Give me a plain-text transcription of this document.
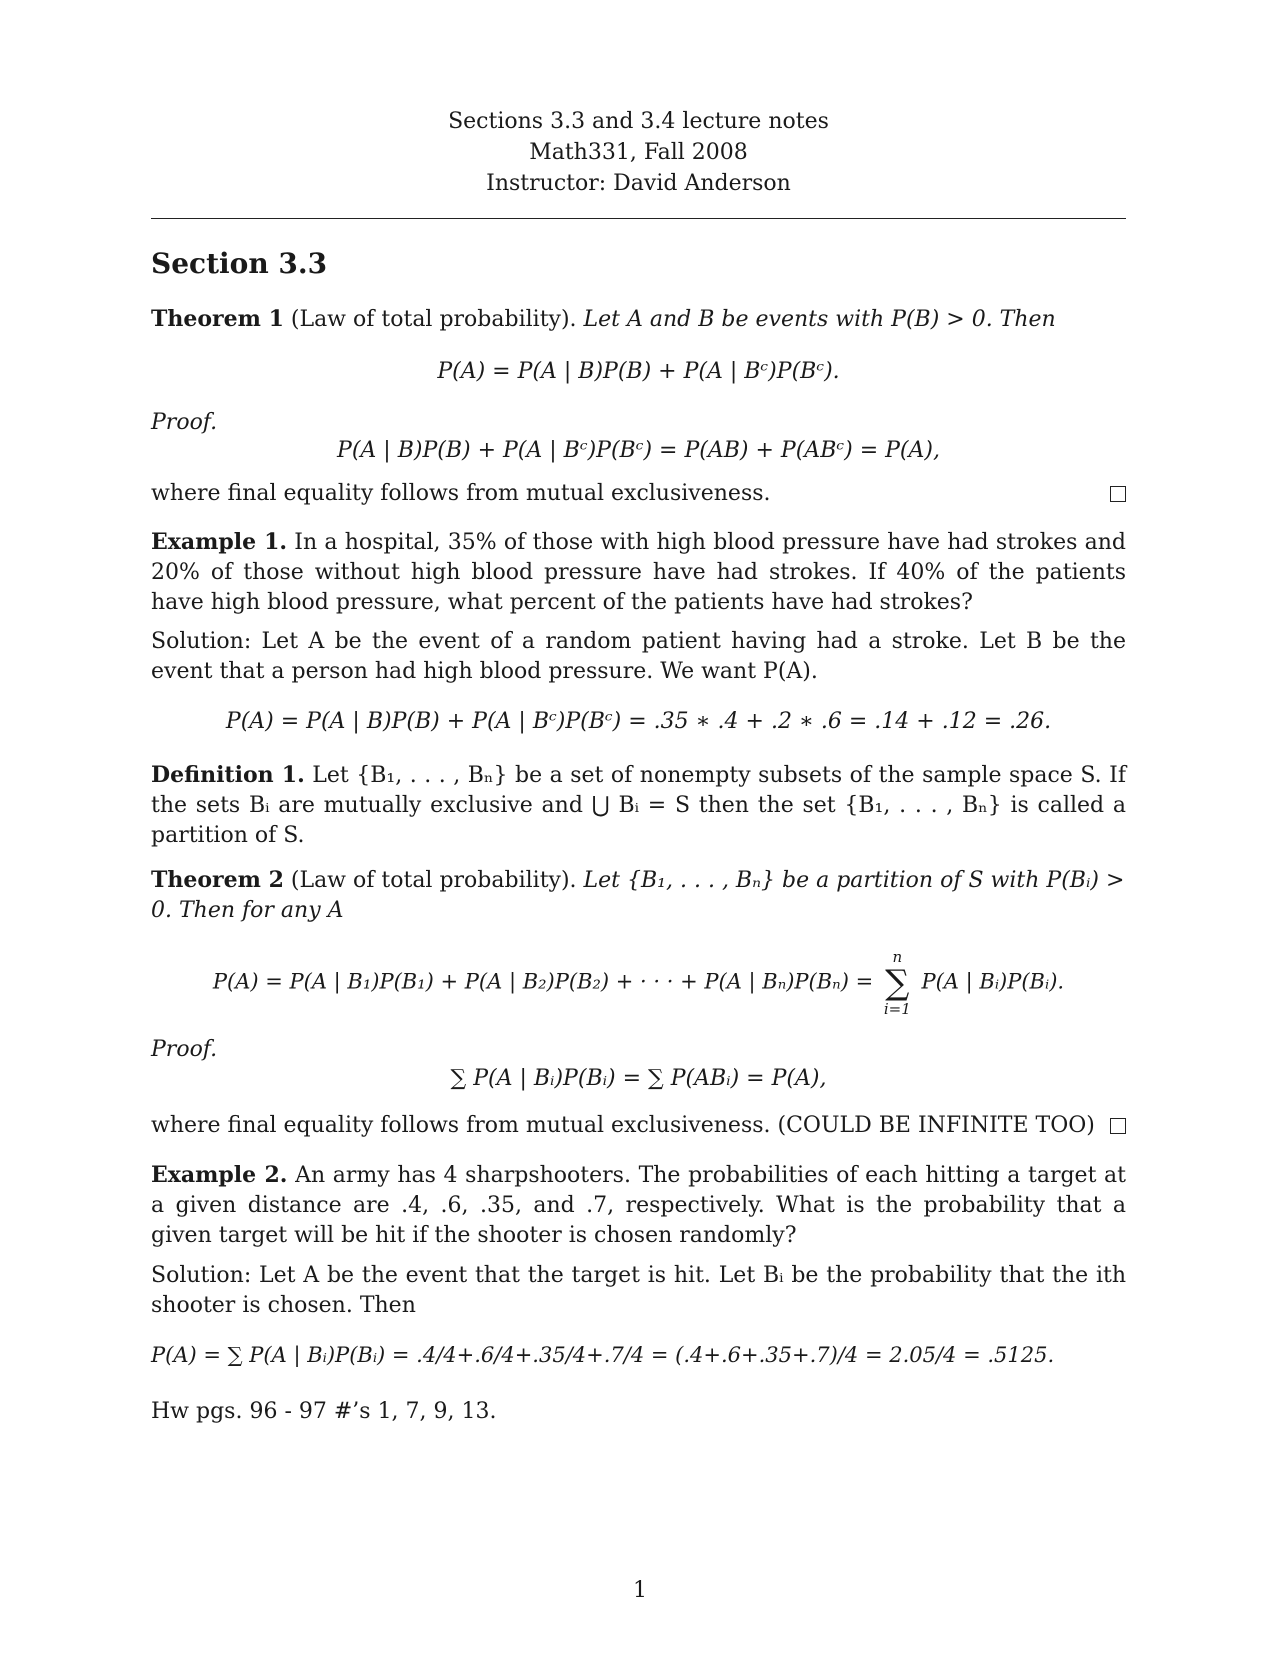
Sections 3.3 and 3.4 lecture notes
Math331, Fall 2008
Instructor: David Anderson
Section 3.3
Theorem 1 (Law of total probability). Let A and B be events with P(B) > 0. Then
P(A) = P(A | B)P(B) + P(A | Bᶜ)P(Bᶜ).
Proof.
P(A | B)P(B) + P(A | Bᶜ)P(Bᶜ) = P(AB) + P(ABᶜ) = P(A),
where final equality follows from mutual exclusiveness.
Example 1. In a hospital, 35% of those with high blood pressure have had strokes and 20% of those without high blood pressure have had strokes. If 40% of the patients have high blood pressure, what percent of the patients have had strokes?
Solution: Let A be the event of a random patient having had a stroke. Let B be the event that a person had high blood pressure. We want P(A).
P(A) = P(A | B)P(B) + P(A | Bᶜ)P(Bᶜ) = .35 ∗ .4 + .2 ∗ .6 = .14 + .12 = .26.
Definition 1. Let {B₁, . . . , Bₙ} be a set of nonempty subsets of the sample space S. If the sets Bᵢ are mutually exclusive and ⋃ Bᵢ = S then the set {B₁, . . . , Bₙ} is called a partition of S.
Theorem 2 (Law of total probability). Let {B₁, . . . , Bₙ} be a partition of S with P(Bᵢ) > 0. Then for any A
P(A) = P(A | B₁)P(B₁) + P(A | B₂)P(B₂) + · · · + P(A | Bₙ)P(Bₙ) =
n
∑
i=1
P(A | Bᵢ)P(Bᵢ).
Proof.
∑ P(A | Bᵢ)P(Bᵢ) = ∑ P(ABᵢ) = P(A),
where final equality follows from mutual exclusiveness. (COULD BE INFINITE TOO)
Example 2. An army has 4 sharpshooters. The probabilities of each hitting a target at a given distance are .4, .6, .35, and .7, respectively. What is the probability that a given target will be hit if the shooter is chosen randomly?
Solution: Let A be the event that the target is hit. Let Bᵢ be the probability that the ith shooter is chosen. Then
P(A) = ∑ P(A | Bᵢ)P(Bᵢ) = .4/4+.6/4+.35/4+.7/4 = (.4+.6+.35+.7)/4 = 2.05/4 = .5125.
Hw pgs. 96 - 97 #’s 1, 7, 9, 13.
1
